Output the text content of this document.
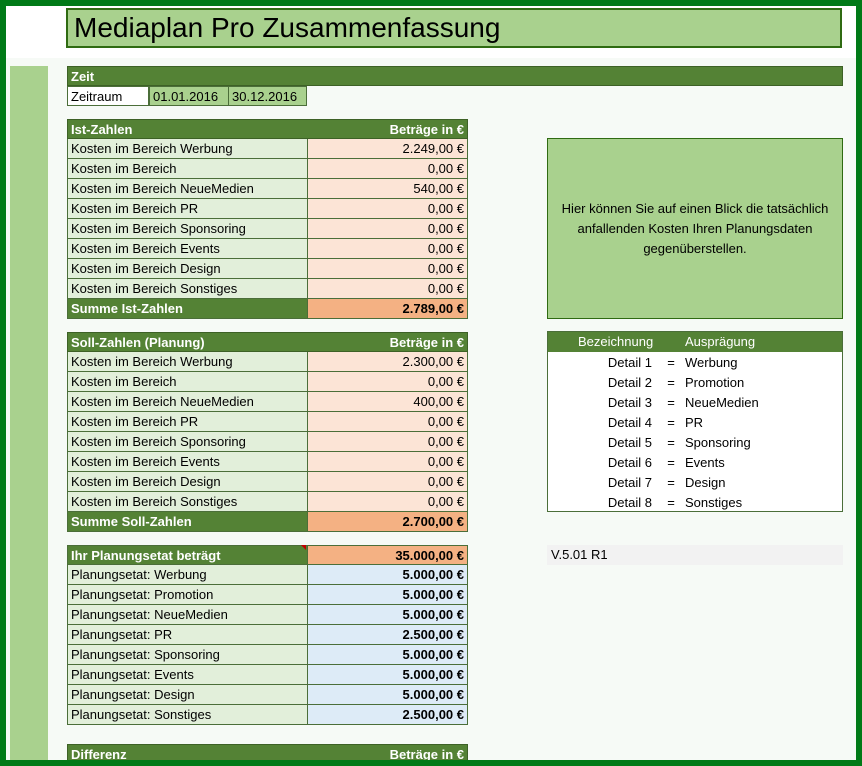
Mediaplan Pro Zusammenfassung
Zeit
Zeitraum	01.01.2016	30.12.2016
Ist-Zahlen	Beträge in €
Kosten im Bereich Werbung	2.249,00 €
Kosten im Bereich	0,00 €
Kosten im Bereich NeueMedien	540,00 €
Kosten im Bereich PR	0,00 €
Kosten im Bereich Sponsoring	0,00 €
Kosten im Bereich Events	0,00 €
Kosten im Bereich Design	0,00 €
Kosten im Bereich Sonstiges	0,00 €
Summe Ist-Zahlen	2.789,00 €
Soll-Zahlen (Planung)	Beträge in €
Kosten im Bereich Werbung	2.300,00 €
Kosten im Bereich	0,00 €
Kosten im Bereich NeueMedien	400,00 €
Kosten im Bereich PR	0,00 €
Kosten im Bereich Sponsoring	0,00 €
Kosten im Bereich Events	0,00 €
Kosten im Bereich Design	0,00 €
Kosten im Bereich Sonstiges	0,00 €
Summe Soll-Zahlen	2.700,00 €
Ihr Planungsetat beträgt	35.000,00 €
Planungsetat: Werbung	5.000,00 €
Planungsetat: Promotion	5.000,00 €
Planungsetat: NeueMedien	5.000,00 €
Planungsetat: PR	2.500,00 €
Planungsetat: Sponsoring	5.000,00 €
Planungsetat: Events	5.000,00 €
Planungsetat: Design	5.000,00 €
Planungsetat: Sonstiges	2.500,00 €
Differenz	Beträge in €
Hier können Sie auf einen Blick die tatsächlich anfallenden Kosten Ihren Planungsdaten gegenüberstellen.
Bezeichnung Ausprägung
Detail 1 = Werbung
Detail 2 = Promotion
Detail 3 = NeueMedien
Detail 4 = PR
Detail 5 = Sponsoring
Detail 6 = Events
Detail 7 = Design
Detail 8 = Sonstiges
V.5.01 R1
